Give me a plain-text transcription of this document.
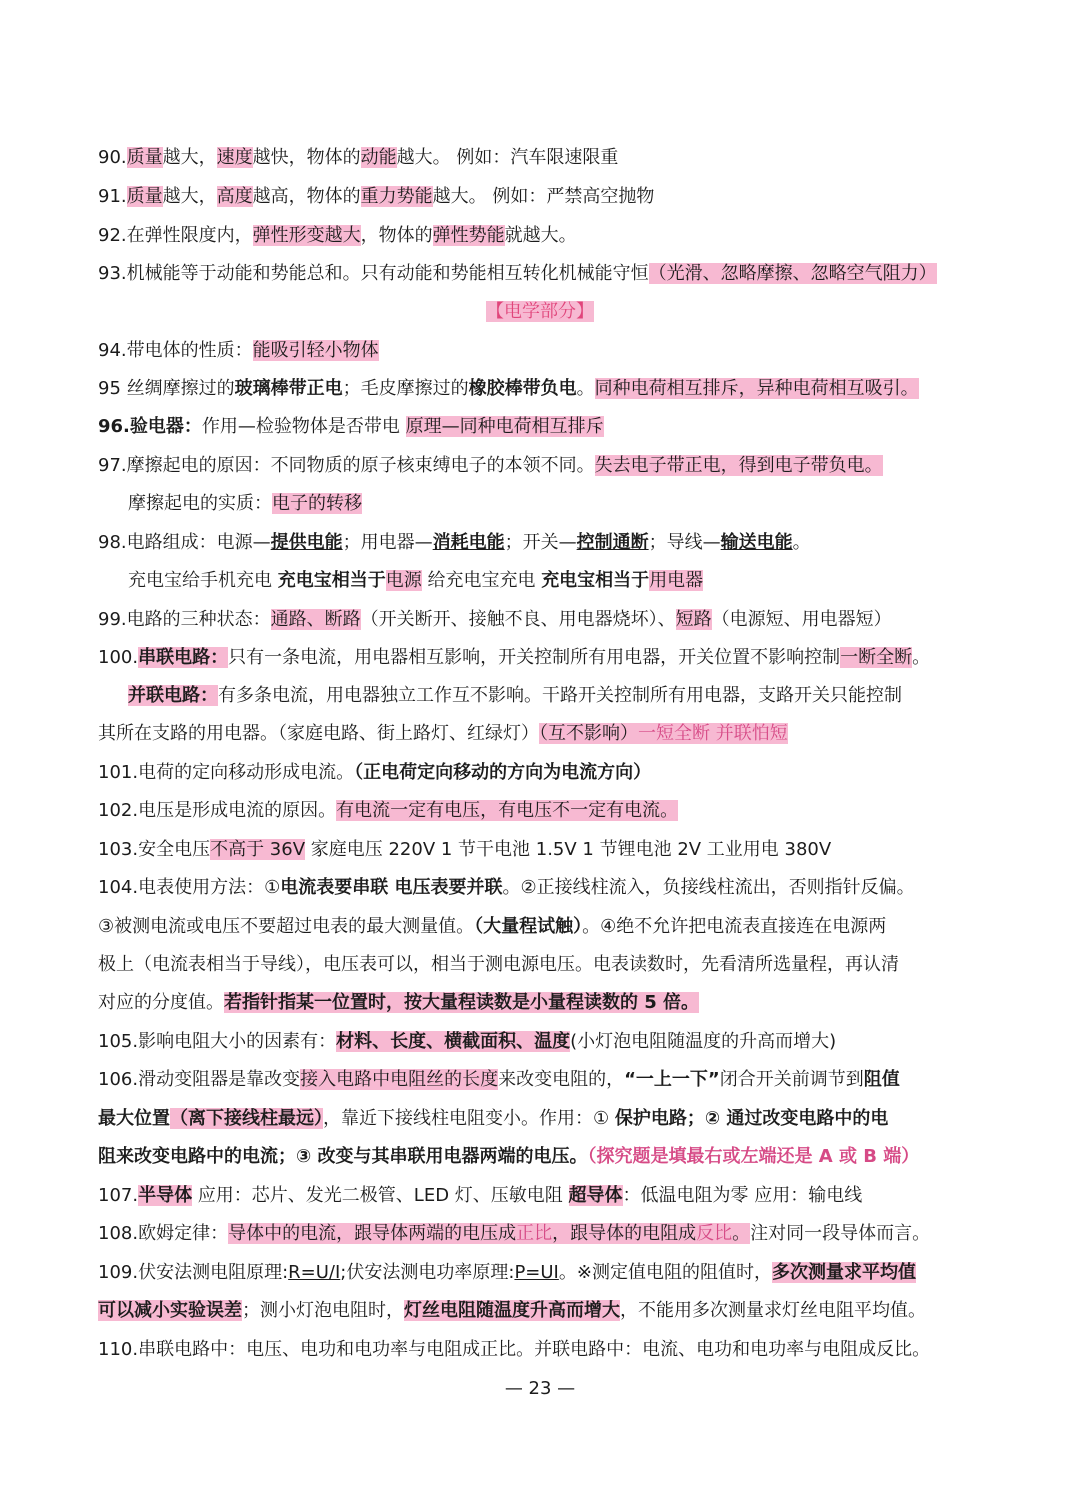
90.质量越大，速度越快，物体的动能越大。 例如：汽车限速限重
91.质量越大，高度越高，物体的重力势能越大。 例如：严禁高空抛物
92.在弹性限度内，弹性形变越大，物体的弹性势能就越大。
93.机械能等于动能和势能总和。只有动能和势能相互转化机械能守恒（光滑、忽略摩擦、忽略空气阻力）
【电学部分】
94.带电体的性质：能吸引轻小物体
95 丝绸摩擦过的玻璃棒带正电；毛皮摩擦过的橡胶棒带负电。同种电荷相互排斥，异种电荷相互吸引。
96.验电器：作用—检验物体是否带电 原理—同种电荷相互排斥
97.摩擦起电的原因：不同物质的原子核束缚电子的本领不同。失去电子带正电，得到电子带负电。
摩擦起电的实质：电子的转移
98.电路组成：电源—提供电能；用电器—消耗电能；开关—控制通断；导线—输送电能。
充电宝给手机充电 充电宝相当于电源 给充电宝充电 充电宝相当于用电器
99.电路的三种状态：通路、断路（开关断开、接触不良、用电器烧坏）、短路（电源短、用电器短）
100.串联电路：只有一条电流，用电器相互影响，开关控制所有用电器，开关位置不影响控制一断全断。
并联电路：有多条电流，用电器独立工作互不影响。干路开关控制所有用电器，支路开关只能控制
其所在支路的用电器。（家庭电路、街上路灯、红绿灯）（互不影响）一短全断 并联怕短
101.电荷的定向移动形成电流。（正电荷定向移动的方向为电流方向）
102.电压是形成电流的原因。有电流一定有电压，有电压不一定有电流。
103.安全电压不高于 36V 家庭电压 220V 1 节干电池 1.5V 1 节锂电池 2V 工业用电 380V
104.电表使用方法：①电流表要串联 电压表要并联。②正接线柱流入，负接线柱流出，否则指针反偏。
③被测电流或电压不要超过电表的最大测量值。（大量程试触）。④绝不允许把电流表直接连在电源两
极上（电流表相当于导线），电压表可以，相当于测电源电压。电表读数时，先看清所选量程，再认清
对应的分度值。若指针指某一位置时，按大量程读数是小量程读数的 5 倍。
105.影响电阻大小的因素有：材料、长度、横截面积、温度(小灯泡电阻随温度的升高而增大)
106.滑动变阻器是靠改变接入电路中电阻丝的长度来改变电阻的，“一上一下”闭合开关前调节到阻值
最大位置（离下接线柱最远），靠近下接线柱电阻变小。作用：① 保护电路；② 通过改变电路中的电
阻来改变电路中的电流；③ 改变与其串联用电器两端的电压。（探究题是填最右或左端还是 A 或 B 端）
107.半导体 应用：芯片、发光二极管、LED 灯、压敏电阻 超导体：低温电阻为零 应用：输电线
108.欧姆定律：导体中的电流，跟导体两端的电压成正比，跟导体的电阻成反比。注对同一段导体而言。
109.伏安法测电阻原理:R=U/I;伏安法测电功率原理:P=UI。※测定值电阻的阻值时，多次测量求平均值
可以减小实验误差；测小灯泡电阻时，灯丝电阻随温度升高而增大，不能用多次测量求灯丝电阻平均值。
110.串联电路中：电压、电功和电功率与电阻成正比。并联电路中：电流、电功和电功率与电阻成反比。
— 23 —
